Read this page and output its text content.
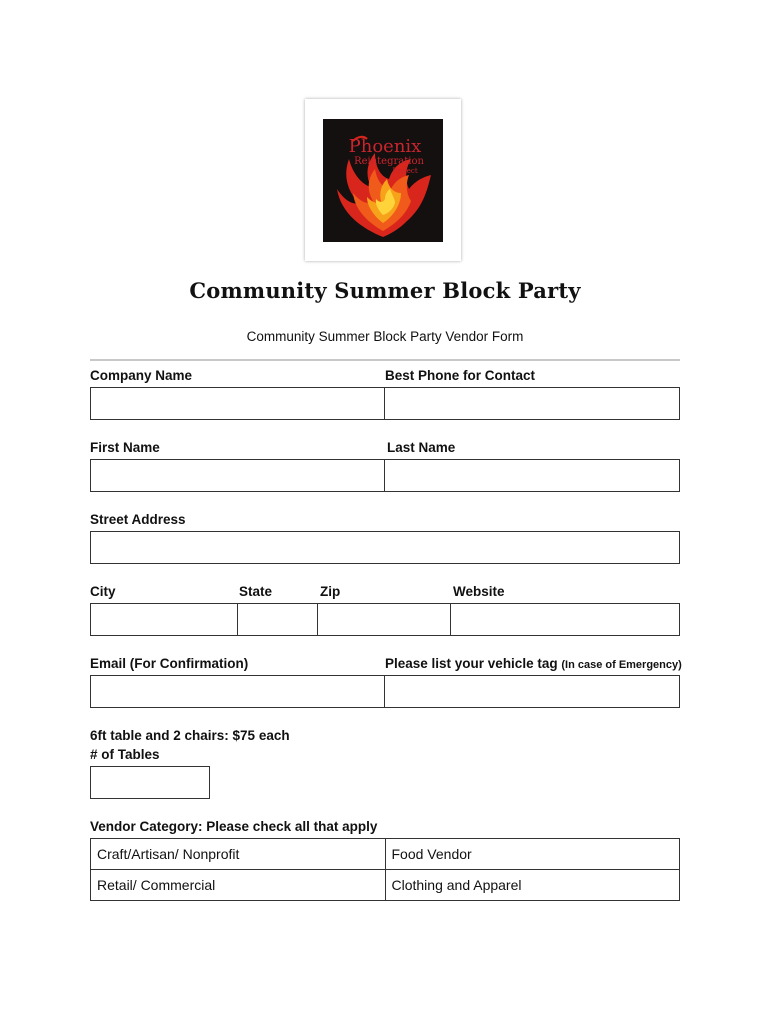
Phoenix
Reintegration
Project
Community Summer Block Party
Community Summer Block Party Vendor Form
Company Name	Best Phone for Contact
First Name	Last Name
Street Address
City	State	Zip	Website
Email (For Confirmation)	Please list your vehicle tag (In case of Emergency)
6ft table and 2 chairs: $75 each
# of Tables
Vendor Category: Please check all that apply
Craft/Artisan/ Nonprofit	Food Vendor
Retail/ Commercial	Clothing and Apparel
